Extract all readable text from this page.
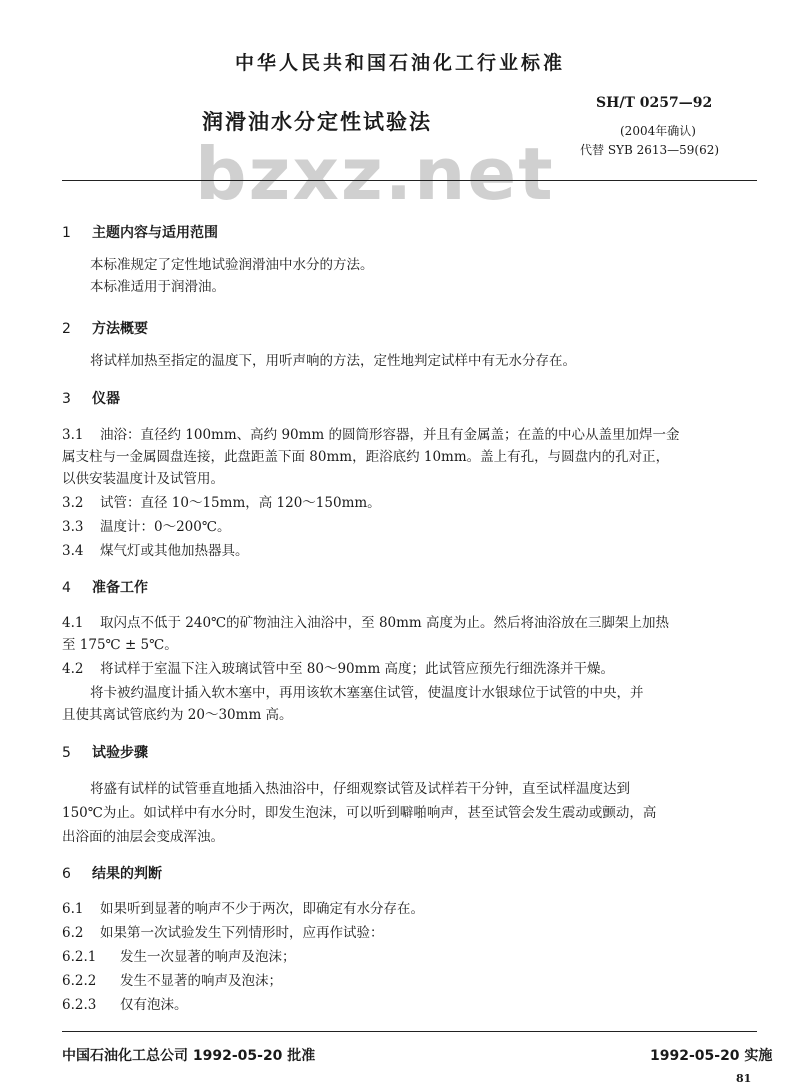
中华人民共和国石油化工行业标准
bzxz.net
润滑油水分定性试验法
SH/T 0257—92
(2004年确认)
代替 SYB 2613—59(62)
1 主题内容与适用范围
本标准规定了定性地试验润滑油中水分的方法。
本标准适用于润滑油。
2 方法概要
将试样加热至指定的温度下，用听声响的方法，定性地判定试样中有无水分存在。
3 仪器
3.1 油浴：直径约 100mm、高约 90mm 的圆筒形容器，并且有金属盖；在盖的中心从盖里加焊一金
属支柱与一金属圆盘连接，此盘距盖下面 80mm，距浴底约 10mm。盖上有孔，与圆盘内的孔对正，
以供安装温度计及试管用。
3.2 试管：直径 10～15mm，高 120～150mm。
3.3 温度计：0～200℃。
3.4 煤气灯或其他加热器具。
4 准备工作
4.1 取闪点不低于 240℃的矿物油注入油浴中，至 80mm 高度为止。然后将油浴放在三脚架上加热
至 175℃ ± 5℃。
4.2 将试样于室温下注入玻璃试管中至 80～90mm 高度；此试管应预先行细洗涤并干燥。
将卡被约温度计插入软木塞中，再用该软木塞塞住试管，使温度计水银球位于试管的中央，并
且使其离试管底约为 20～30mm 高。
5 试验步骤
将盛有试样的试管垂直地插入热油浴中，仔细观察试管及试样若干分钟，直至试样温度达到
150℃为止。如试样中有水分时，即发生泡沫，可以听到噼啪响声，甚至试管会发生震动或颤动，高
出浴面的油层会变成浑浊。
6 结果的判断
6.1 如果听到显著的响声不少于两次，即确定有水分存在。
6.2 如果第一次试验发生下列情形时，应再作试验：
6.2.1 发生一次显著的响声及泡沫；
6.2.2 发生不显著的响声及泡沫；
6.2.3 仅有泡沫。
中国石油化工总公司 1992-05-20 批准	1992-05-20 实施
81
